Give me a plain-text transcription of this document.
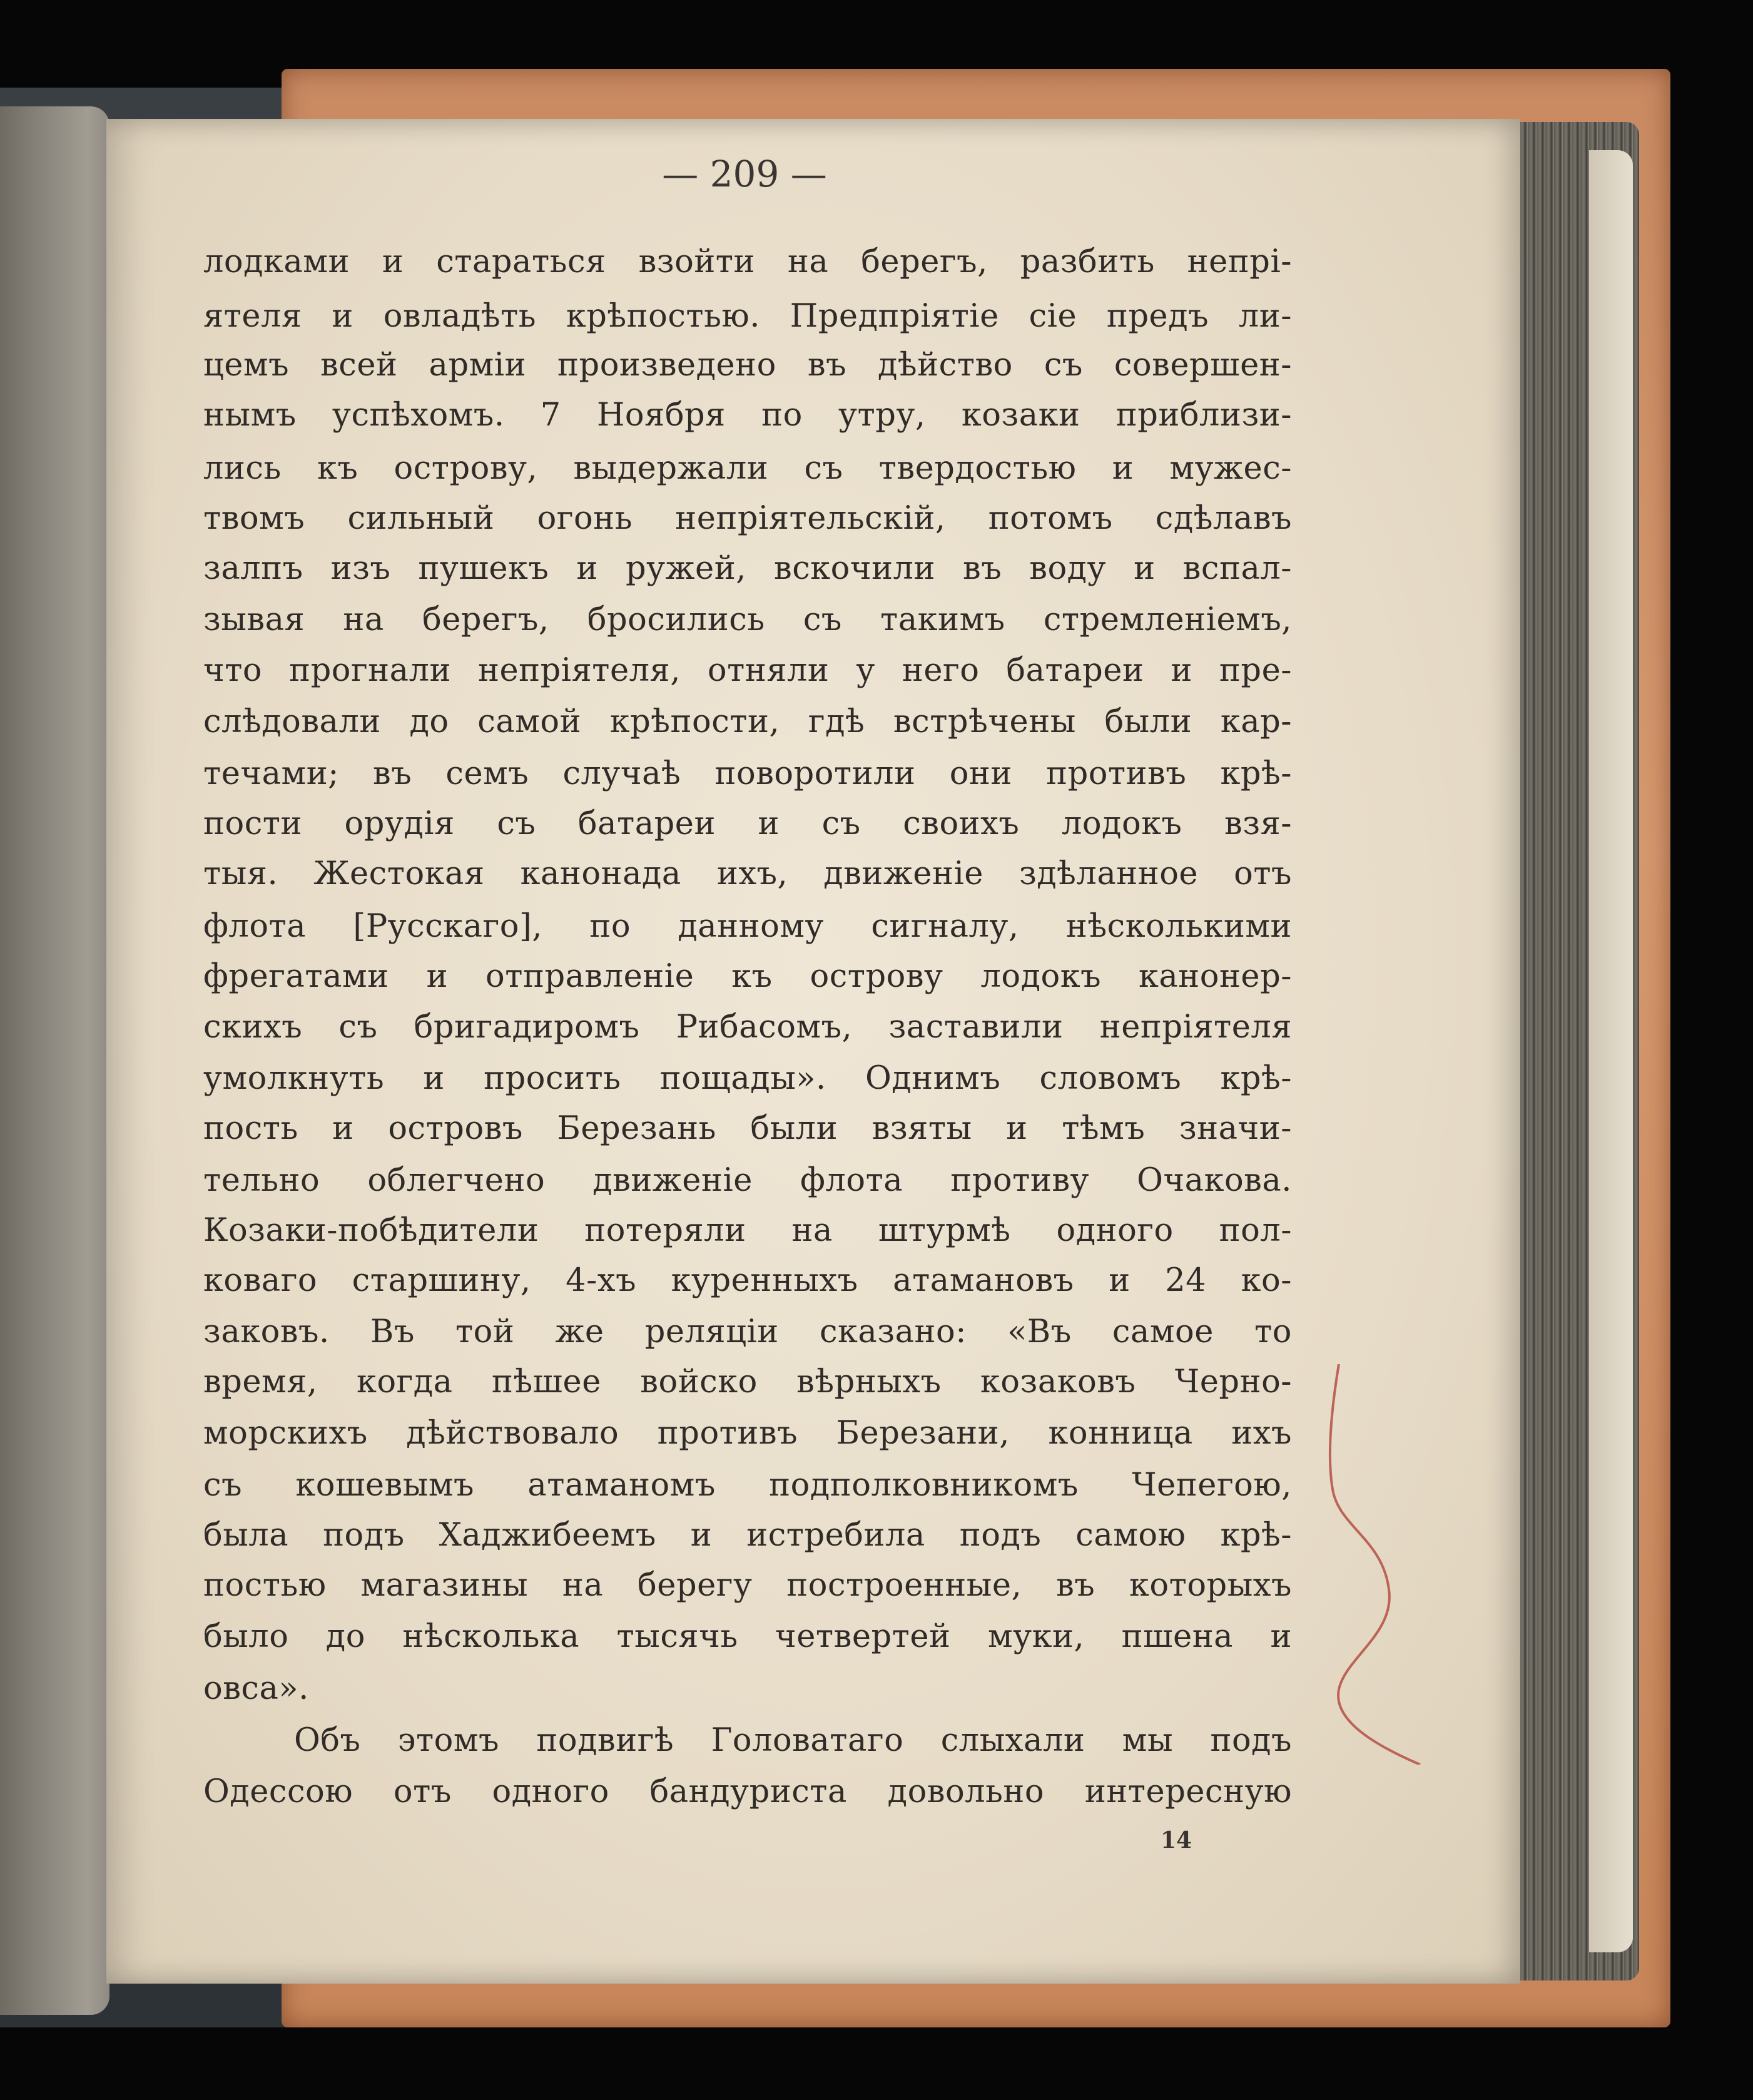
— 209 —
лодками и стараться взойти на берегъ, разбить непрі-
ятеля и овладѣть крѣпостью. Предпріятіе сіе предъ ли-
цемъ всей арміи произведено въ дѣйство съ совершен-
нымъ успѣхомъ. 7 Ноября по утру, козаки приблизи-
лись къ острову, выдержали съ твердостью и мужес-
твомъ сильный огонь непріятельскій, потомъ сдѣлавъ
залпъ изъ пушекъ и ружей, вскочили въ воду и вспал-
зывая на берегъ, бросились съ такимъ стремленіемъ,
что прогнали непріятеля, отняли у него батареи и пре-
слѣдовали до самой крѣпости, гдѣ встрѣчены были кар-
течами; въ семъ случаѣ поворотили они противъ крѣ-
пости орудія съ батареи и съ своихъ лодокъ взя-
тыя. Жестокая канонада ихъ, движеніе здѣланное отъ
флота [Русскаго], по данному сигналу, нѣсколькими
фрегатами и отправленіе къ острову лодокъ канонер-
скихъ съ бригадиромъ Рибасомъ, заставили непріятеля
умолкнуть и просить пощады». Однимъ словомъ крѣ-
пость и островъ Березань были взяты и тѣмъ значи-
тельно облегчено движеніе флота противу Очакова.
Козаки-побѣдители потеряли на штурмѣ одного пол-
коваго старшину, 4-хъ куренныхъ атамановъ и 24 ко-
заковъ. Въ той же реляціи сказано: «Въ самое то
время, когда пѣшее войско вѣрныхъ козаковъ Черно-
морскихъ дѣйствовало противъ Березани, конница ихъ
съ кошевымъ атаманомъ подполковникомъ Чепегою,
была подъ Хаджибеемъ и истребила подъ самою крѣ-
постью магазины на берегу построенные, въ которыхъ
было до нѣсколька тысячь четвертей муки, пшена и
овса».
Объ этомъ подвигѣ Головатаго слыхали мы подъ
Одессою отъ одного бандуриста довольно интересную
14
